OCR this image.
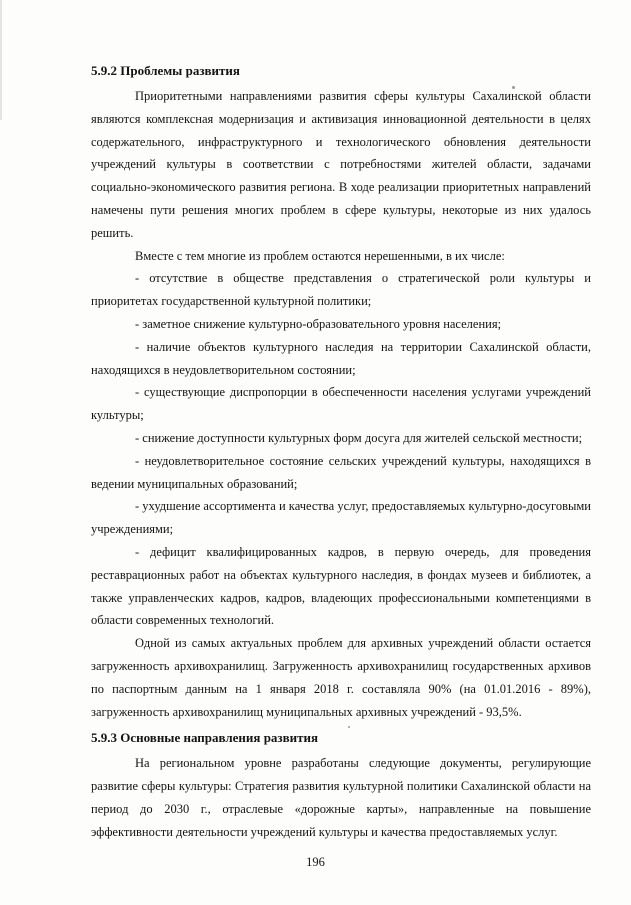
5.9.2 Проблемы развития

Приоритетными направлениями развития сферы культуры Сахалинской области являются комплексная модернизация и активизация инновационной деятельности в целях содержательного, инфраструктурного и технологического обновления деятельности учреждений культуры в соответствии с потребностями жителей области, задачами социально-экономического развития региона. В ходе реализации приоритетных направлений намечены пути решения многих проблем в сфере культуры, некоторые из них удалось решить.

Вместе с тем многие из проблем остаются нерешенными, в их числе:

- отсутствие в обществе представления о стратегической роли культуры и приоритетах государственной культурной политики;

- заметное снижение культурно-образовательного уровня населения;

- наличие объектов культурного наследия на территории Сахалинской области, находящихся в неудовлетворительном состоянии;

- существующие диспропорции в обеспеченности населения услугами учреждений культуры;

- снижение доступности культурных форм досуга для жителей сельской местности;

- неудовлетворительное состояние сельских учреждений культуры, находящихся в ведении муниципальных образований;

- ухудшение ассортимента и качества услуг, предоставляемых культурно-досуговыми учреждениями;

- дефицит квалифицированных кадров, в первую очередь, для проведения реставрационных работ на объектах культурного наследия, в фондах музеев и библиотек, а также управленческих кадров, кадров, владеющих профессиональными компетенциями в области современных технологий.

Одной из самых актуальных проблем для архивных учреждений области остается загруженность архивохранилищ. Загруженность архивохранилищ государственных архивов по паспортным данным на 1 января 2018 г. составляла 90% (на 01.01.2016 - 89%), загруженность архивохранилищ муниципальных архивных учреждений - 93,5%.

5.9.3 Основные направления развития

На региональном уровне разработаны следующие документы, регулирующие развитие сферы культуры: Стратегия развития культурной политики Сахалинской области на период до 2030 г., отраслевые «дорожные карты», направленные на повышение эффективности деятельности учреждений культуры и качества предоставляемых услуг.

196
